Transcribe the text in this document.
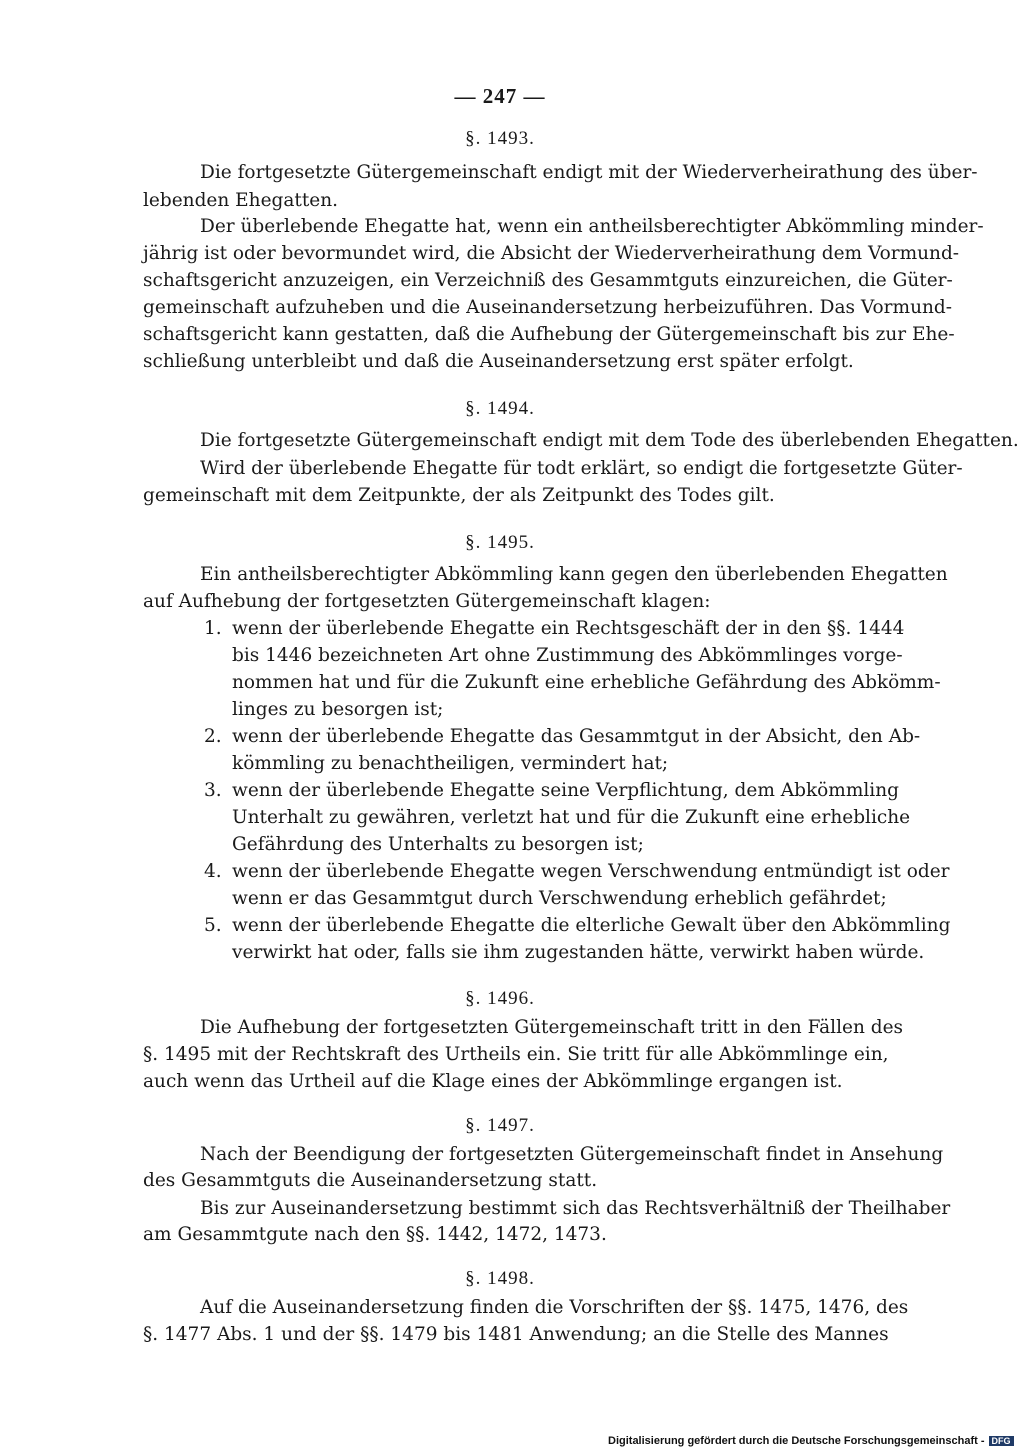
— 247 —
§. 1493.
Die fortgesetzte Gütergemeinschaft endigt mit der Wiederverheirathung des über-
lebenden Ehegatten.
Der überlebende Ehegatte hat, wenn ein antheilsberechtigter Abkömmling minder-
jährig ist oder bevormundet wird, die Absicht der Wiederverheirathung dem Vormund-
schaftsgericht anzuzeigen, ein Verzeichniß des Gesammtguts einzureichen, die Güter-
gemeinschaft aufzuheben und die Auseinandersetzung herbeizuführen. Das Vormund-
schaftsgericht kann gestatten, daß die Aufhebung der Gütergemeinschaft bis zur Ehe-
schließung unterbleibt und daß die Auseinandersetzung erst später erfolgt.
§. 1494.
Die fortgesetzte Gütergemeinschaft endigt mit dem Tode des überlebenden Ehegatten.
Wird der überlebende Ehegatte für todt erklärt, so endigt die fortgesetzte Güter-
gemeinschaft mit dem Zeitpunkte, der als Zeitpunkt des Todes gilt.
§. 1495.
Ein antheilsberechtigter Abkömmling kann gegen den überlebenden Ehegatten
auf Aufhebung der fortgesetzten Gütergemeinschaft klagen:
1. wenn der überlebende Ehegatte ein Rechtsgeschäft der in den §§. 1444
bis 1446 bezeichneten Art ohne Zustimmung des Abkömmlinges vorge-
nommen hat und für die Zukunft eine erhebliche Gefährdung des Abkömm-
linges zu besorgen ist;
2. wenn der überlebende Ehegatte das Gesammtgut in der Absicht, den Ab-
kömmling zu benachtheiligen, vermindert hat;
3. wenn der überlebende Ehegatte seine Verpflichtung, dem Abkömmling
Unterhalt zu gewähren, verletzt hat und für die Zukunft eine erhebliche
Gefährdung des Unterhalts zu besorgen ist;
4. wenn der überlebende Ehegatte wegen Verschwendung entmündigt ist oder
wenn er das Gesammtgut durch Verschwendung erheblich gefährdet;
5. wenn der überlebende Ehegatte die elterliche Gewalt über den Abkömmling
verwirkt hat oder, falls sie ihm zugestanden hätte, verwirkt haben würde.
§. 1496.
Die Aufhebung der fortgesetzten Gütergemeinschaft tritt in den Fällen des
§. 1495 mit der Rechtskraft des Urtheils ein. Sie tritt für alle Abkömmlinge ein,
auch wenn das Urtheil auf die Klage eines der Abkömmlinge ergangen ist.
§. 1497.
Nach der Beendigung der fortgesetzten Gütergemeinschaft findet in Ansehung
des Gesammtguts die Auseinandersetzung statt.
Bis zur Auseinandersetzung bestimmt sich das Rechtsverhältniß der Theilhaber
am Gesammtgute nach den §§. 1442, 1472, 1473.
§. 1498.
Auf die Auseinandersetzung finden die Vorschriften der §§. 1475, 1476, des
§. 1477 Abs. 1 und der §§. 1479 bis 1481 Anwendung; an die Stelle des Mannes
Digitalisierung gefördert durch die Deutsche Forschungsgemeinschaft - DFG
